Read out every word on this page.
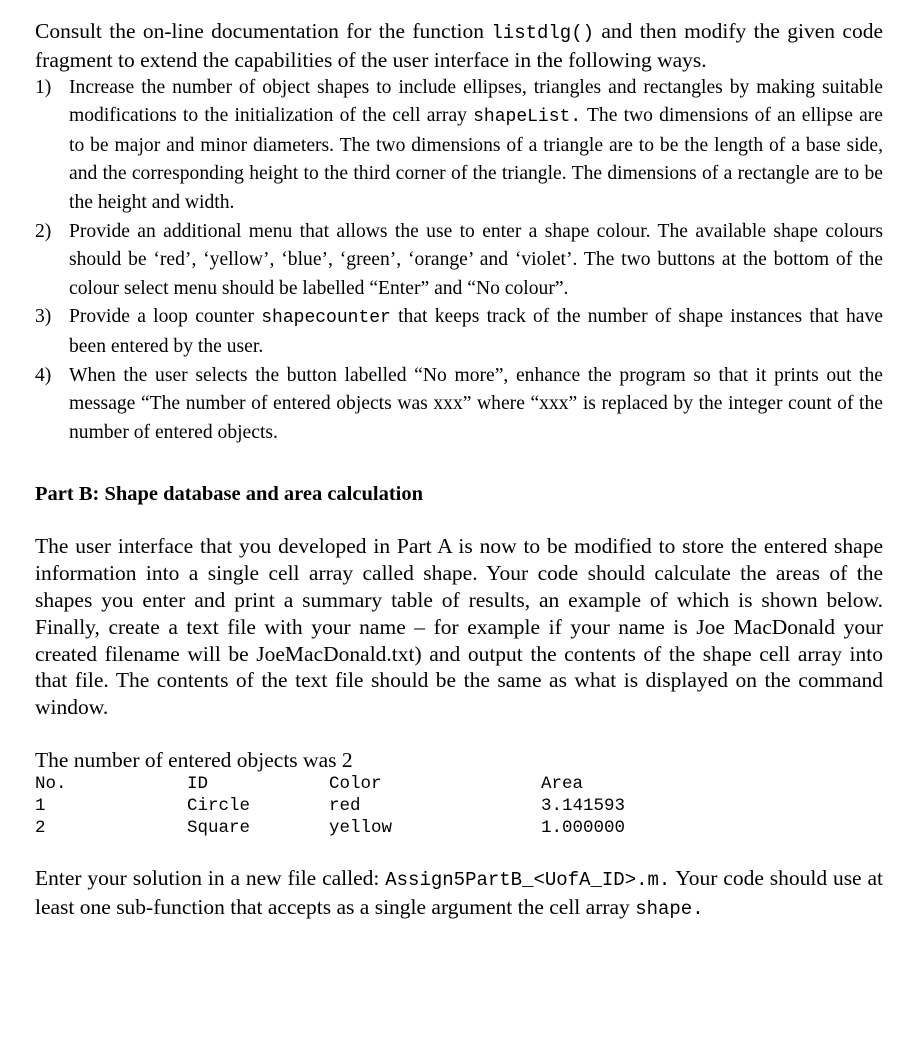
Consult the on-line documentation for the function listdlg() and then modify the given code fragment to extend the capabilities of the user interface in the following ways.

1) Increase the number of object shapes to include ellipses, triangles and rectangles by making suitable modifications to the initialization of the cell array shapeList. The two dimensions of an ellipse are to be major and minor diameters. The two dimensions of a triangle are to be the length of a base side, and the corresponding height to the third corner of the triangle. The dimensions of a rectangle are to be the height and width.
2) Provide an additional menu that allows the use to enter a shape colour. The available shape colours should be ‘red’, ‘yellow’, ‘blue’, ‘green’, ‘orange’ and ‘violet’. The two buttons at the bottom of the colour select menu should be labelled “Enter” and “No colour”.
3) Provide a loop counter shapecounter that keeps track of the number of shape instances that have been entered by the user.
4) When the user selects the button labelled “No more”, enhance the program so that it prints out the message “The number of entered objects was xxx” where “xxx” is replaced by the integer count of the number of entered objects.

Part B: Shape database and area calculation

The user interface that you developed in Part A is now to be modified to store the entered shape information into a single cell array called shape. Your code should calculate the areas of the shapes you enter and print a summary table of results, an example of which is shown below. Finally, create a text file with your name – for example if your name is Joe MacDonald your created filename will be JoeMacDonald.txt) and output the contents of the shape cell array into that file. The contents of the text file should be the same as what is displayed on the command window.

The number of entered objects was 2

No.	ID	Color	Area
1	Circle	red	3.141593
2	Square	yellow	1.000000

Enter your solution in a new file called: Assign5PartB_<UofA_ID>.m. Your code should use at least one sub-function that accepts as a single argument the cell array shape.
